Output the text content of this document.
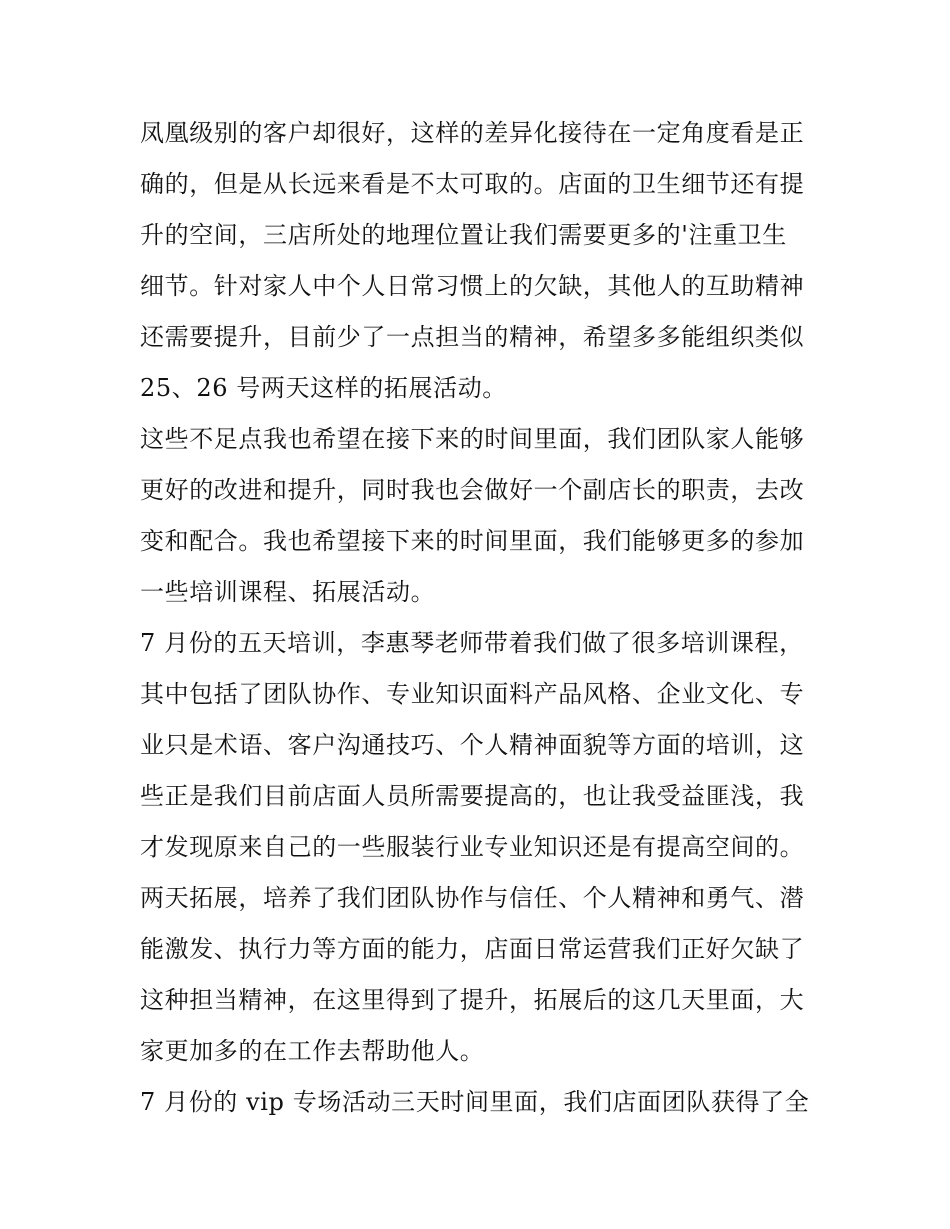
凤凰级别的客户却很好，这样的差异化接待在一定角度看是正
确的，但是从长远来看是不太可取的。店面的卫生细节还有提
升的空间，三店所处的地理位置让我们需要更多的'注重卫生
细节。针对家人中个人日常习惯上的欠缺，其他人的互助精神
还需要提升，目前少了一点担当的精神，希望多多能组织类似
25、26 号两天这样的拓展活动。
这些不足点我也希望在接下来的时间里面，我们团队家人能够
更好的改进和提升，同时我也会做好一个副店长的职责，去改
变和配合。我也希望接下来的时间里面，我们能够更多的参加
一些培训课程、拓展活动。
7 月份的五天培训，李惠琴老师带着我们做了很多培训课程，
其中包括了团队协作、专业知识面料产品风格、企业文化、专
业只是术语、客户沟通技巧、个人精神面貌等方面的培训，这
些正是我们目前店面人员所需要提高的，也让我受益匪浅，我
才发现原来自己的一些服装行业专业知识还是有提高空间的。
两天拓展，培养了我们团队协作与信任、个人精神和勇气、潜
能激发、执行力等方面的能力，店面日常运营我们正好欠缺了
这种担当精神，在这里得到了提升，拓展后的这几天里面，大
家更加多的在工作去帮助他人。
7 月份的 vip 专场活动三天时间里面，我们店面团队获得了全
